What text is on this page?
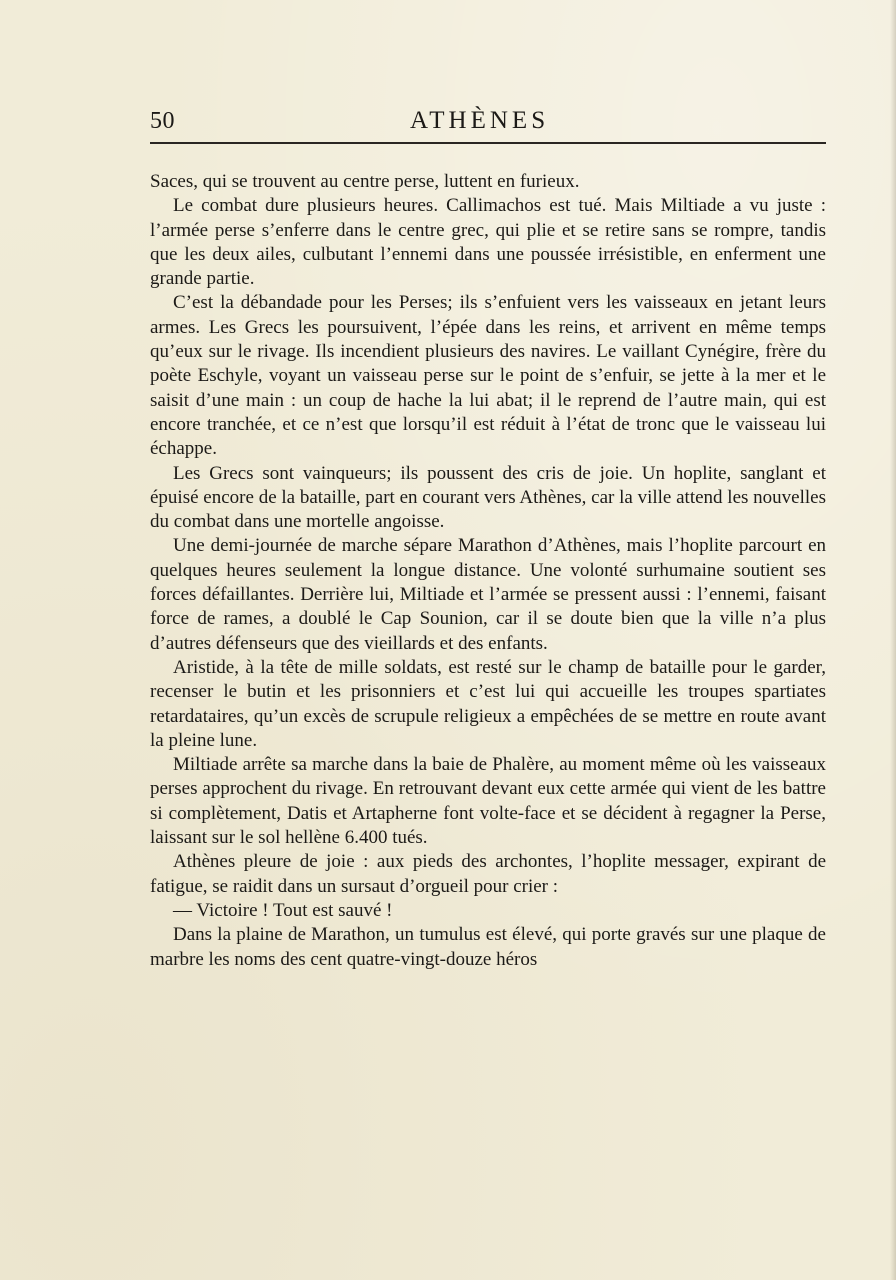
50	ATHÈNES

Saces, qui se trouvent au centre perse, luttent en furieux.

Le combat dure plusieurs heures. Callimachos est tué. Mais Miltiade a vu juste : l’armée perse s’enferre dans le centre grec, qui plie et se retire sans se rompre, tandis que les deux ailes, culbutant l’ennemi dans une poussée irrésistible, en enferment une grande partie.

C’est la débandade pour les Perses; ils s’enfuient vers les vaisseaux en jetant leurs armes. Les Grecs les poursuivent, l’épée dans les reins, et arrivent en même temps qu’eux sur le rivage. Ils incendient plusieurs des navires. Le vaillant Cynégire, frère du poète Eschyle, voyant un vaisseau perse sur le point de s’enfuir, se jette à la mer et le saisit d’une main : un coup de hache la lui abat; il le reprend de l’autre main, qui est encore tranchée, et ce n’est que lorsqu’il est réduit à l’état de tronc que le vaisseau lui échappe.

Les Grecs sont vainqueurs; ils poussent des cris de joie. Un hoplite, sanglant et épuisé encore de la bataille, part en courant vers Athènes, car la ville attend les nouvelles du combat dans une mortelle angoisse.

Une demi-journée de marche sépare Marathon d’Athènes, mais l’hoplite parcourt en quelques heures seulement la longue distance. Une volonté surhumaine soutient ses forces défaillantes. Derrière lui, Miltiade et l’armée se pressent aussi : l’ennemi, faisant force de rames, a doublé le Cap Sounion, car il se doute bien que la ville n’a plus d’autres défenseurs que des vieillards et des enfants.

Aristide, à la tête de mille soldats, est resté sur le champ de bataille pour le garder, recenser le butin et les prisonniers et c’est lui qui accueille les troupes spartiates retardataires, qu’un excès de scrupule religieux a empêchées de se mettre en route avant la pleine lune.

Miltiade arrête sa marche dans la baie de Phalère, au moment même où les vaisseaux perses approchent du rivage. En retrouvant devant eux cette armée qui vient de les battre si complètement, Datis et Artapherne font volte-face et se décident à regagner la Perse, laissant sur le sol hellène 6.400 tués.

Athènes pleure de joie : aux pieds des archontes, l’hoplite messager, expirant de fatigue, se raidit dans un sursaut d’orgueil pour crier :

— Victoire ! Tout est sauvé !

Dans la plaine de Marathon, un tumulus est élevé, qui porte gravés sur une plaque de marbre les noms des cent quatre-vingt-douze héros
